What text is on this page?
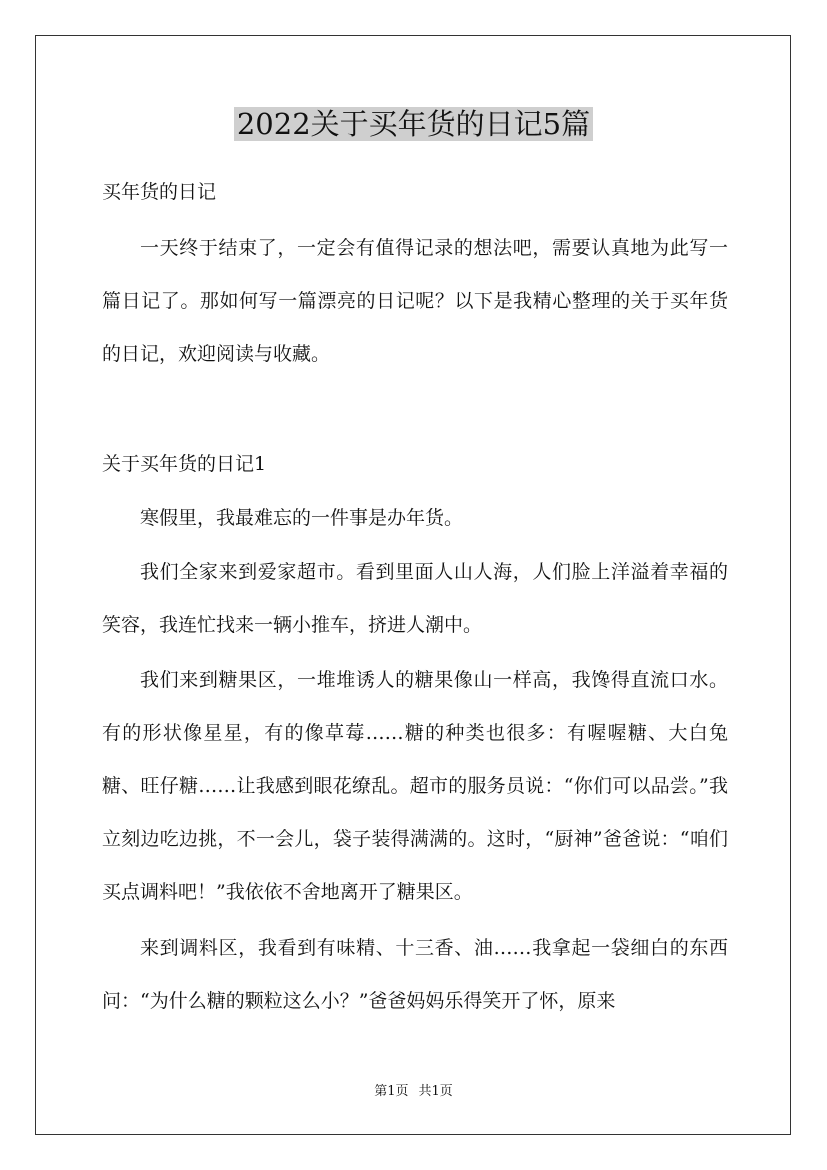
2022关于买年货的日记5篇

买年货的日记

一天终于结束了，一定会有值得记录的想法吧，需要认真地为此写一篇日记了。那如何写一篇漂亮的日记呢？以下是我精心整理的关于买年货的日记，欢迎阅读与收藏。

关于买年货的日记1

寒假里，我最难忘的一件事是办年货。

我们全家来到爱家超市。看到里面人山人海，人们脸上洋溢着幸福的笑容，我连忙找来一辆小推车，挤进人潮中。

我们来到糖果区，一堆堆诱人的糖果像山一样高，我馋得直流口水。有的形状像星星，有的像草莓……糖的种类也很多：有喔喔糖、大白兔糖、旺仔糖……让我感到眼花缭乱。超市的服务员说：“你们可以品尝。”我立刻边吃边挑，不一会儿，袋子装得满满的。这时，“厨神”爸爸说：“咱们买点调料吧！”我依依不舍地离开了糖果区。

来到调料区，我看到有味精、十三香、油……我拿起一袋细白的东西问：“为什么糖的颗粒这么小？”爸爸妈妈乐得笑开了怀，原来

第1页 共1页
